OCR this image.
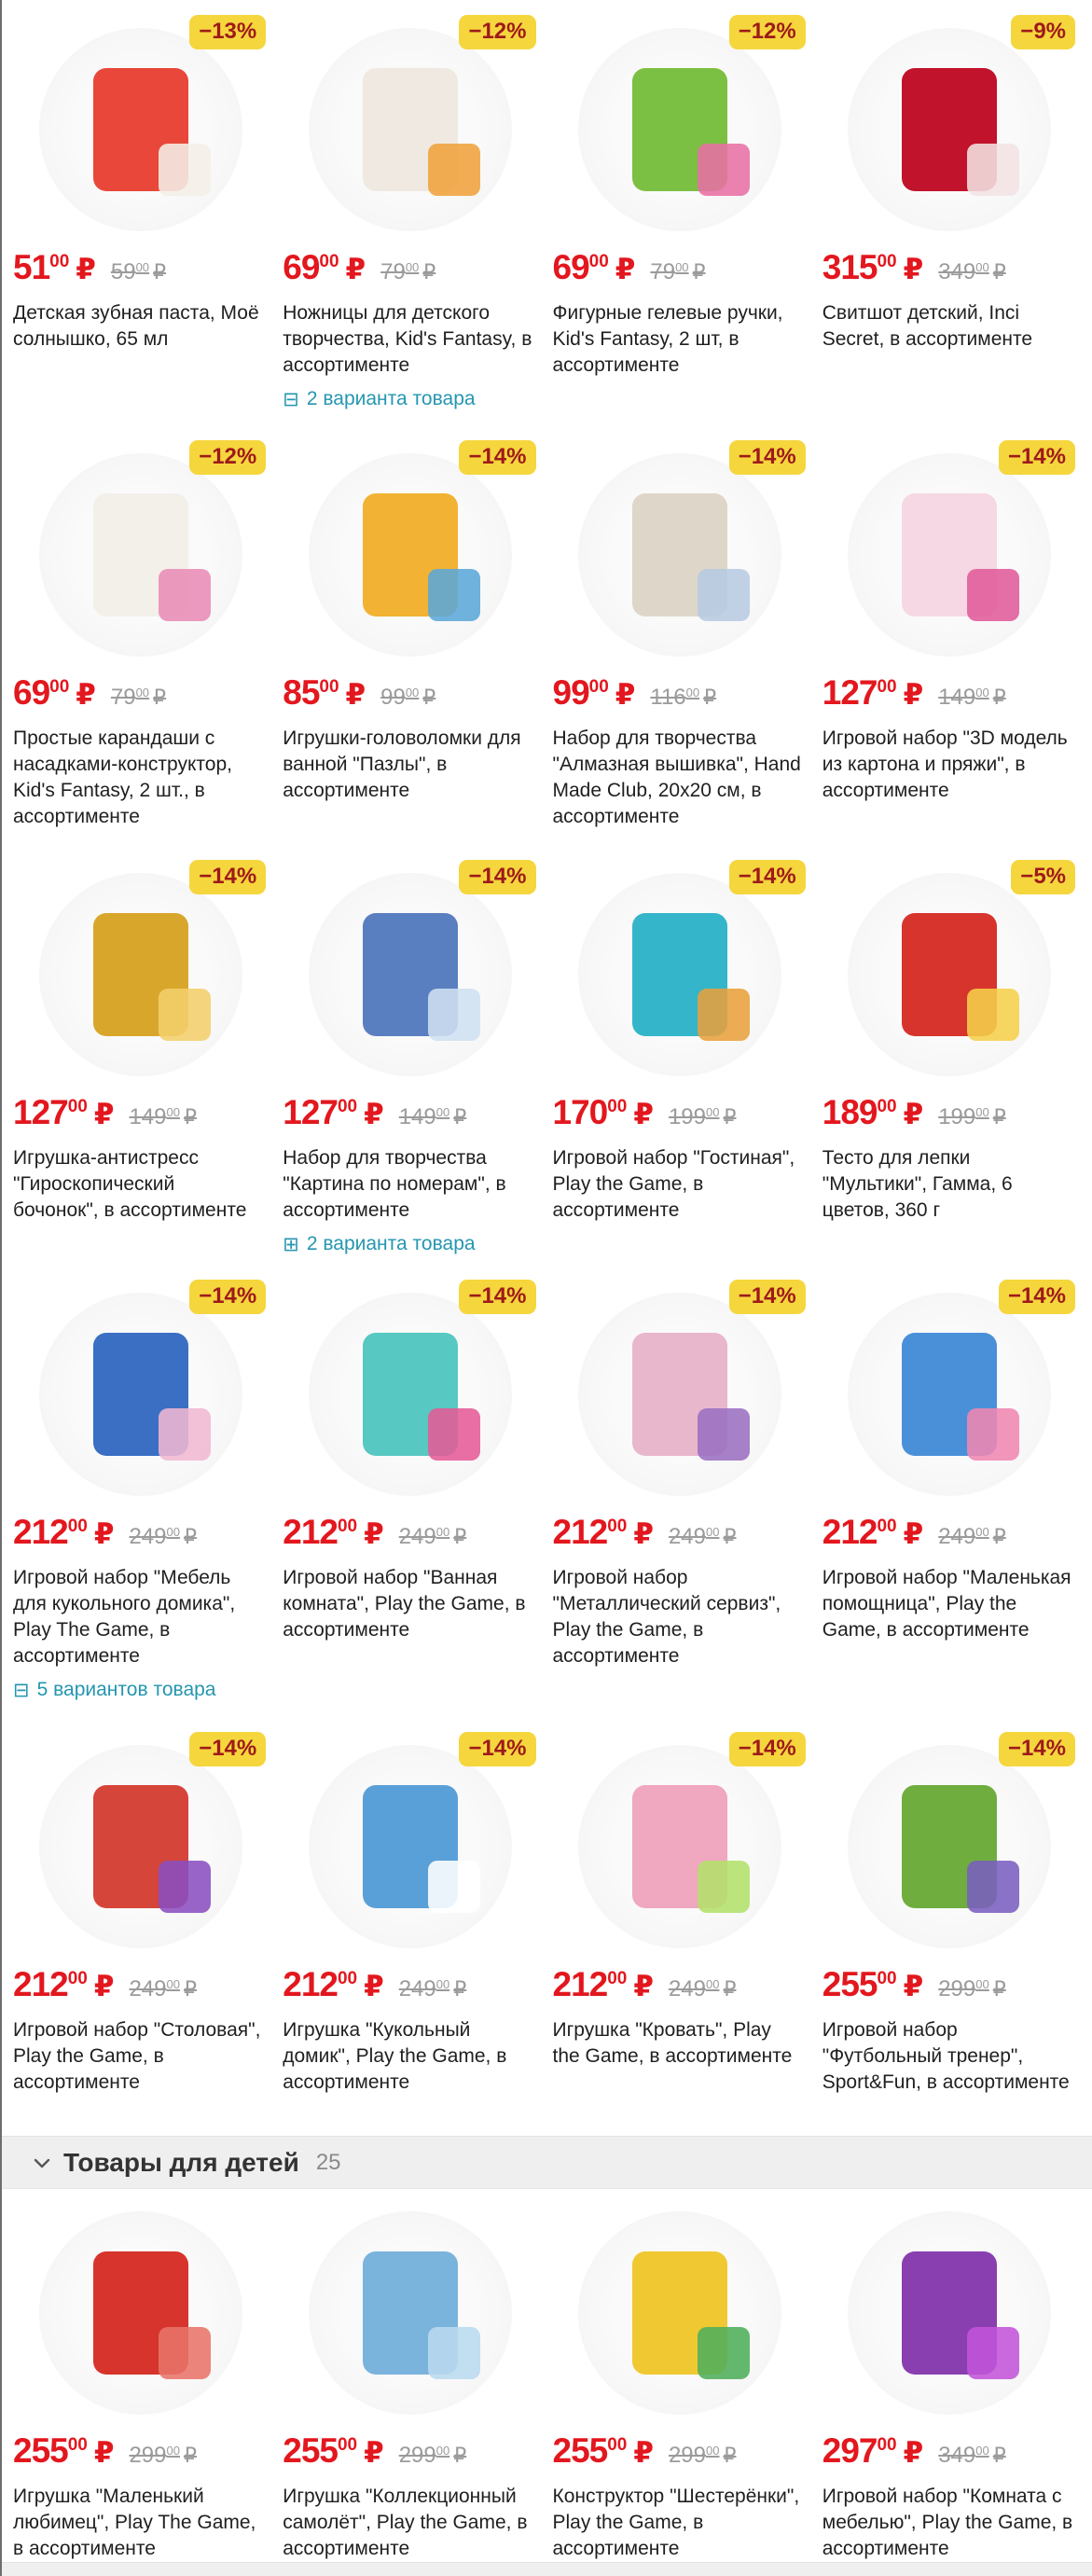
−13%
5100 ₽ $59^{00}$ ₽
Детская зубная паста, Моё солнышко, 65 мл
−12%
6900 ₽ $79^{00}$ ₽
Ножницы для детского творчества, Kid's Fantasy, в ассортименте
⊟ 2 варианта товара
−12%
6900 ₽ $79^{00}$ ₽
Фигурные гелевые ручки, Kid's Fantasy, 2 шт, в ассортименте
−9%
31500 ₽ $349^{00}$ ₽
Свитшот детский, Inci Secret, в ассортименте
−12%
6900 ₽ $79^{00}$ ₽
Простые карандаши с насадками-конструктор, Kid's Fantasy, 2 шт., в ассортименте
−14%
8500 ₽ $99^{00}$ ₽
Игрушки-головоломки для ванной "Пазлы", в ассортименте
−14%
9900 ₽ $116^{00}$ ₽
Набор для творчества "Алмазная вышивка", Hand Made Club, 20x20 см, в ассортименте
−14%
12700 ₽ $149^{00}$ ₽
Игровой набор "3D модель из картона и пряжи", в ассортименте
−14%
12700 ₽ $149^{00}$ ₽
Игрушка-антистресс "Гироскопический бочонок", в ассортименте
−14%
12700 ₽ $149^{00}$ ₽
Набор для творчества "Картина по номерам", в ассортименте
⊞ 2 варианта товара
−14%
17000 ₽ $199^{00}$ ₽
Игровой набор "Гостиная", Play the Game, в ассортименте
−5%
18900 ₽ $199^{00}$ ₽
Тесто для лепки "Мультики", Гамма, 6 цветов, 360 г
−14%
21200 ₽ $249^{00}$ ₽
Игровой набор "Мебель для кукольного домика", Play The Game, в ассортименте
⊟ 5 вариантов товара
−14%
21200 ₽ $249^{00}$ ₽
Игровой набор "Ванная комната", Play the Game, в ассортименте
−14%
21200 ₽ $249^{00}$ ₽
Игровой набор "Металлический сервиз", Play the Game, в ассортименте
−14%
21200 ₽ $249^{00}$ ₽
Игровой набор "Маленькая помощница", Play the Game, в ассортименте
−14%
21200 ₽ $249^{00}$ ₽
Игровой набор "Столовая", Play the Game, в ассортименте
−14%
21200 ₽ $249^{00}$ ₽
Игрушка "Кукольный домик", Play the Game, в ассортименте
−14%
21200 ₽ $249^{00}$ ₽
Игрушка "Кровать", Play the Game, в ассортименте
−14%
25500 ₽ $299^{00}$ ₽
Игровой набор "Футбольный тренер", Sport&Fun, в ассортименте
Товары для детей 25
25500 ₽ $299^{00}$ ₽
Игрушка "Маленький любимец", Play The Game, в ассортименте
25500 ₽ $299^{00}$ ₽
Игрушка "Коллекционный самолёт", Play the Game, в ассортименте
25500 ₽ $299^{00}$ ₽
Конструктор "Шестерёнки", Play the Game, в ассортименте
29700 ₽ $349^{00}$ ₽
Игровой набор "Комната с мебелью", Play the Game, в ассортименте
